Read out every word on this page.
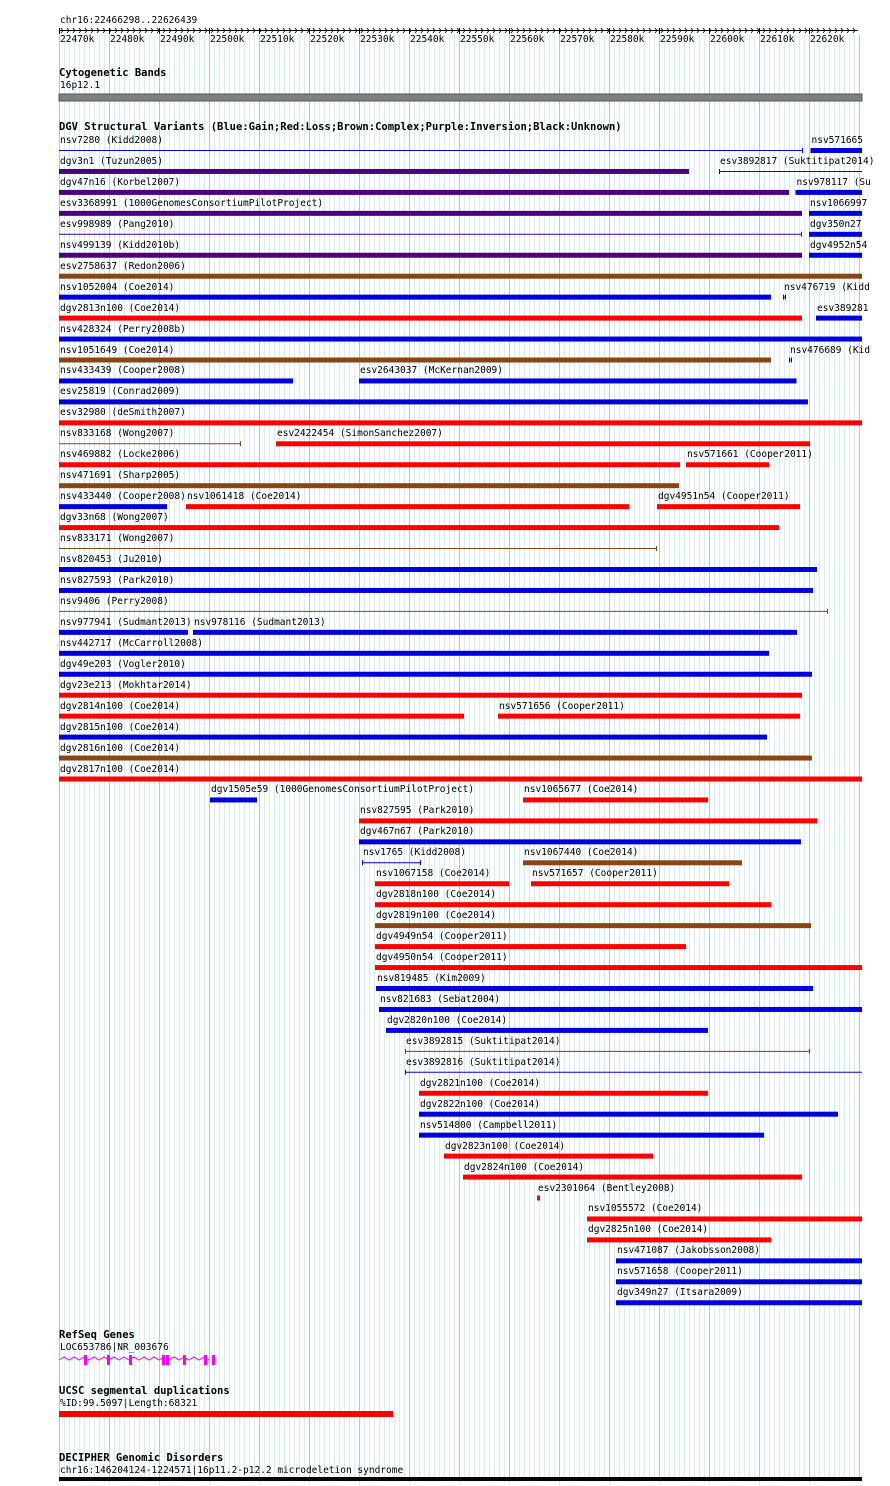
chr16:22466298..22626439
22470k 22480k 22490k 22500k 22510k 22520k 22530k 22540k 22550k 22560k 22570k 22580k 22590k 22600k 22610k 22620k
Cytogenetic Bands
16p12.1
DGV Structural Variants (Blue:Gain;Red:Loss;Brown:Complex;Purple:Inversion;Black:Unknown)
nsv7280 (Kidd2008)	nsv571665
dgv3n1 (Tuzun2005)	esv3892817 (Suktitipat2014)
dgv47n16 (Korbel2007)	nsv978117 (Su
esv3368991 (1000GenomesConsortiumPilotProject)	nsv1066997
esv998989 (Pang2010)	dgv350n27
nsv499139 (Kidd2010b)	dgv4952n54
esv2758637 (Redon2006)
nsv1052004 (Coe2014)	nsv476719 (Kidd
dgv2813n100 (Coe2014)	esv389281
nsv428324 (Perry2008b)
nsv1051649 (Coe2014)	nsv476689 (Kid
nsv433439 (Cooper2008)	esv2643037 (McKernan2009)
esv25819 (Conrad2009)
esv32980 (deSmith2007)
nsv833168 (Wong2007)	esv2422454 (SimonSanchez2007)
nsv469882 (Locke2006)	nsv571661 (Cooper2011)
nsv471691 (Sharp2005)
nsv433440 (Cooper2008) nsv1061418 (Coe2014)	dgv4951n54 (Cooper2011)
dgv33n68 (Wong2007)
nsv833171 (Wong2007)
nsv820453 (Ju2010)
nsv827593 (Park2010)
nsv9406 (Perry2008)
nsv977941 (Sudmant2013) nsv978116 (Sudmant2013)
nsv442717 (McCarroll2008)
dgv49e203 (Vogler2010)
dgv23e213 (Mokhtar2014)
dgv2814n100 (Coe2014)	nsv571656 (Cooper2011)
dgv2815n100 (Coe2014)
dgv2816n100 (Coe2014)
dgv2817n100 (Coe2014)
dgv1505e59 (1000GenomesConsortiumPilotProject)	nsv1065677 (Coe2014)
nsv827595 (Park2010)
dgv467n67 (Park2010)
nsv1765 (Kidd2008)	nsv1067440 (Coe2014)
nsv1067158 (Coe2014)	nsv571657 (Cooper2011)
dgv2818n100 (Coe2014)
dgv2819n100 (Coe2014)
dgv4949n54 (Cooper2011)
dgv4950n54 (Cooper2011)
nsv819485 (Kim2009)
nsv821683 (Sebat2004)
dgv2820n100 (Coe2014)
esv3892815 (Suktitipat2014)
esv3892816 (Suktitipat2014)
dgv2821n100 (Coe2014)
dgv2822n100 (Coe2014)
nsv514800 (Campbell2011)
dgv2823n100 (Coe2014)
dgv2824n100 (Coe2014)
esv2301064 (Bentley2008)
nsv1055572 (Coe2014)
dgv2825n100 (Coe2014)
nsv471087 (Jakobsson2008)
nsv571658 (Cooper2011)
dgv349n27 (Itsara2009)
RefSeq Genes
LOC653786|NR_003676
UCSC segmental duplications
%ID:99.5097|Length:68321
DECIPHER Genomic Disorders
chr16:146204124-1224571|16p11.2-p12.2 microdeletion syndrome
